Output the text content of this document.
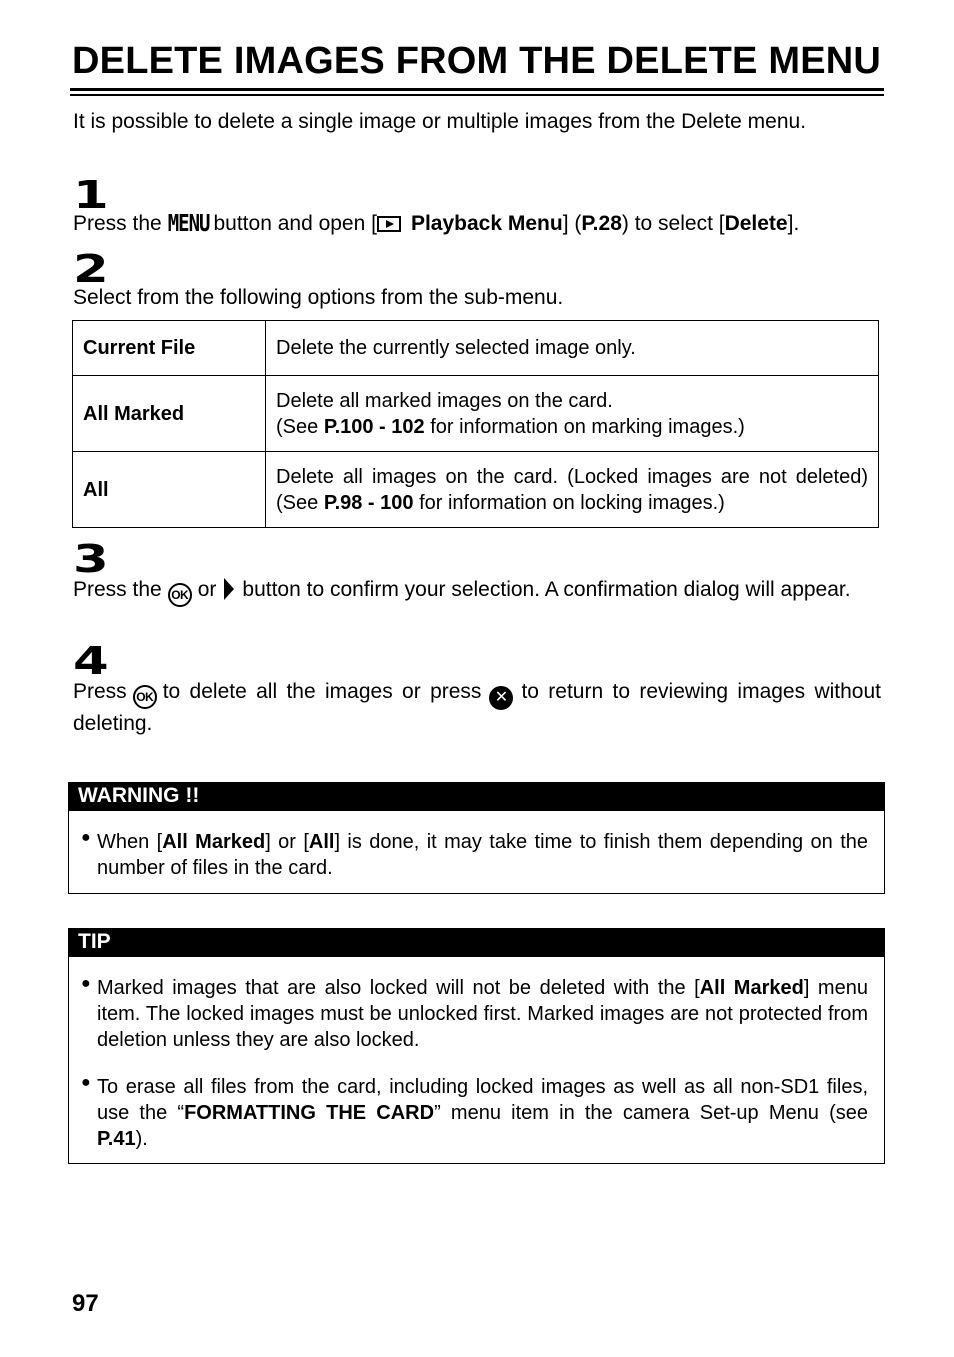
DELETE IMAGES FROM THE DELETE MENU
It is possible to delete a single image or multiple images from the Delete menu.
1
Press the MENU button and open [ Playback Menu] (P.28) to select [Delete].
2
Select from the following options from the sub-menu.
Current File	Delete the currently selected image only.
All Marked	Delete all marked images on the card.
(See P.100 - 102 for information on marking images.)

All	Delete all images on the card. (Locked images are not deleted) (See P.98 - 100 for information on locking images.)
3
Press the OK or button to confirm your selection. A confirmation dialog will appear.
4
Press OK to delete all the images or press ✕ to return to reviewing images without deleting.
WARNING !!
● When [All Marked] or [All] is done, it may take time to finish them depending on the number of files in the card.
TIP
● Marked images that are also locked will not be deleted with the [All Marked] menu item. The locked images must be unlocked first. Marked images are not protected from deletion unless they are also locked.
● To erase all files from the card, including locked images as well as all non-SD1 files, use the “FORMATTING THE CARD” menu item in the camera Set-up Menu (see P.41).
97
